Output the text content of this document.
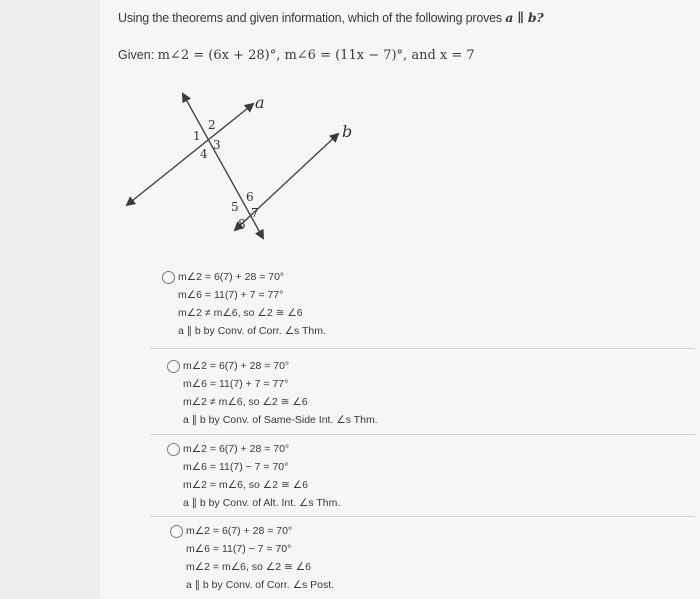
Using the theorems and given information, which of the following proves a ∥ b?
Given: m∠2 = (6x + 28)°, m∠6 = (11x − 7)°, and x = 7
a
b
1
2
3
4
5
6
7
8
m∠2 = 6(7) + 28 = 70°
m∠6 = 11(7) + 7 = 77°
m∠2 ≠ m∠6, so ∠2 ≅ ∠6
a ∥ b by Conv. of Corr. ∠s Thm.
m∠2 = 6(7) + 28 = 70°
m∠6 = 11(7) + 7 = 77°
m∠2 ≠ m∠6, so ∠2 ≅ ∠6
a ∥ b by Conv. of Same-Side Int. ∠s Thm.
m∠2 = 6(7) + 28 = 70°
m∠6 = 11(7) − 7 = 70°
m∠2 = m∠6, so ∠2 ≅ ∠6
a ∥ b by Conv. of Alt. Int. ∠s Thm.
m∠2 = 6(7) + 28 = 70°
m∠6 = 11(7) − 7 = 70°
m∠2 = m∠6, so ∠2 ≅ ∠6
a ∥ b by Conv. of Corr. ∠s Post.
